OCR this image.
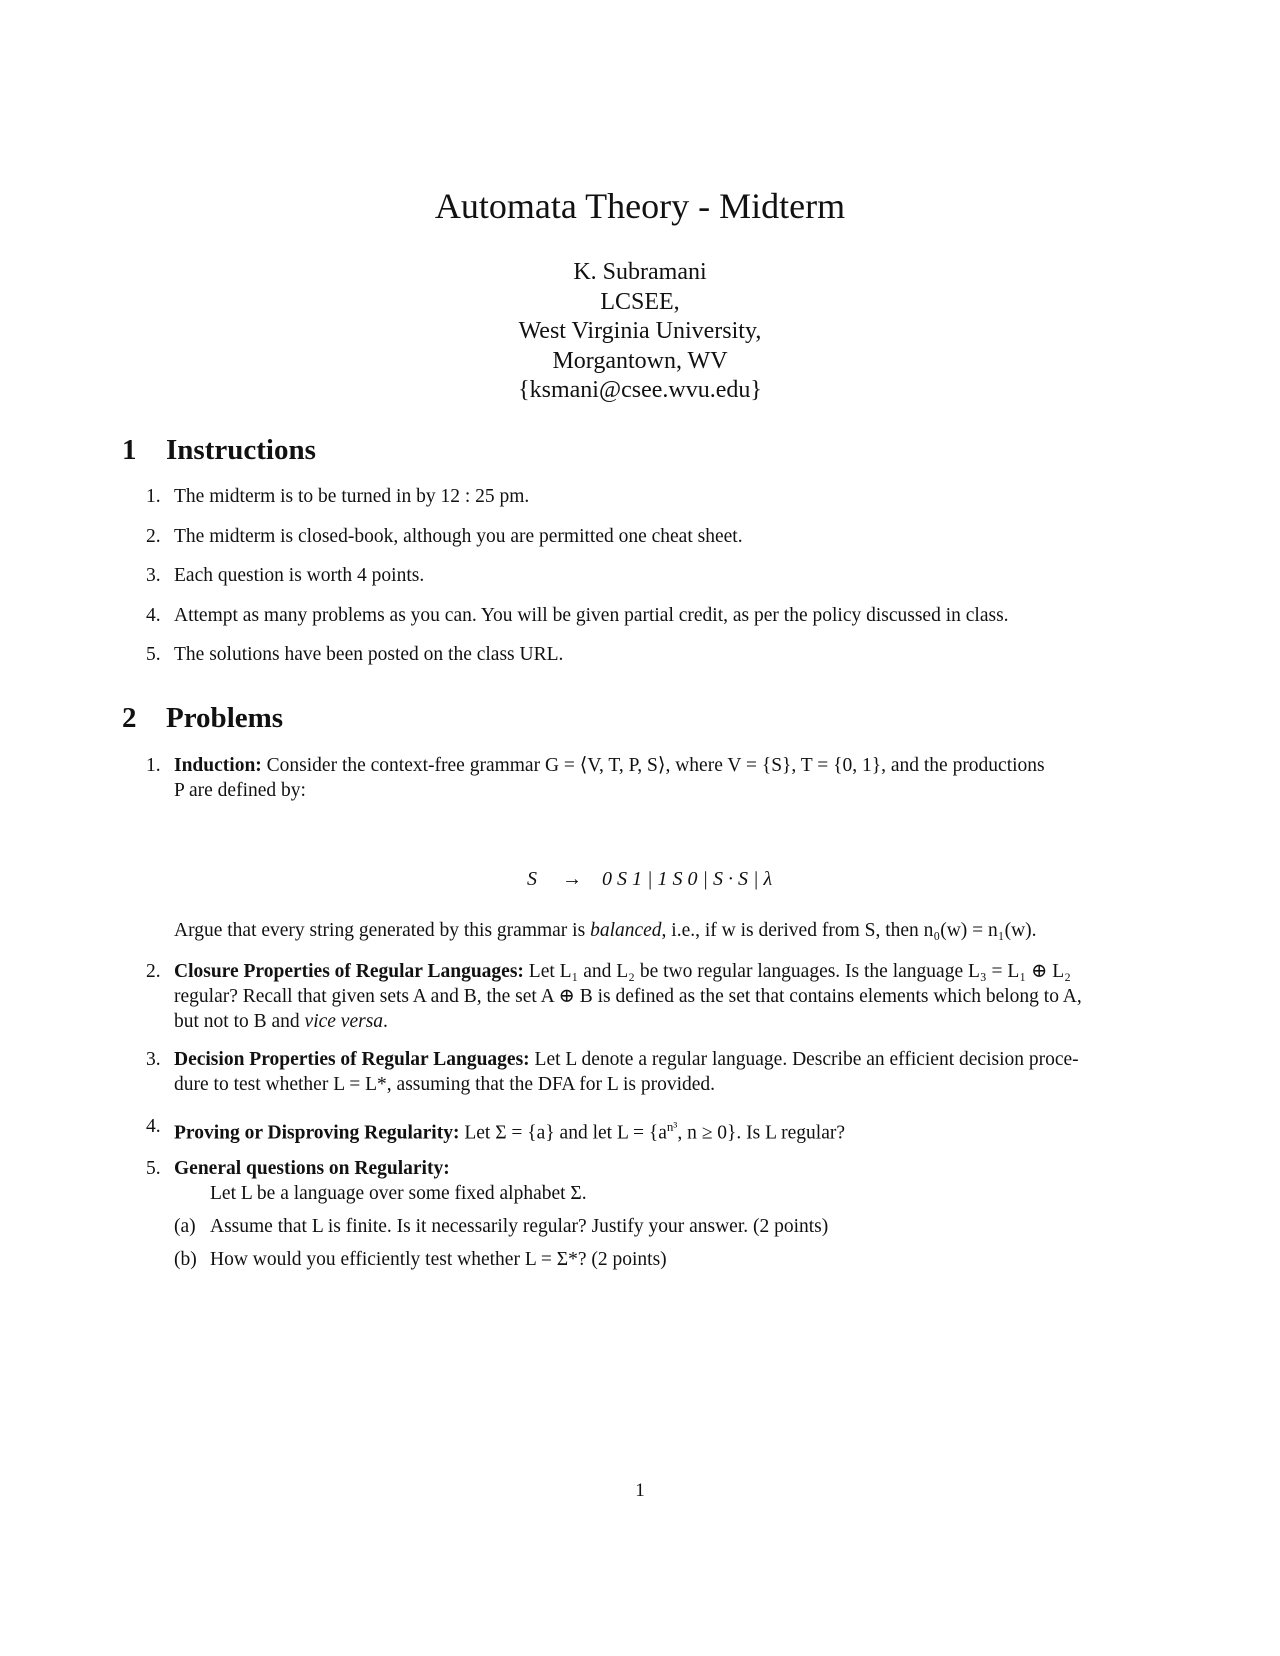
Automata Theory - Midterm
K. Subramani
LCSEE,
West Virginia University,
Morgantown, WV
{ksmani@csee.wvu.edu}
1 Instructions
1. The midterm is to be turned in by 12 : 25 pm.
2. The midterm is closed-book, although you are permitted one cheat sheet.
3. Each question is worth 4 points.
4. Attempt as many problems as you can. You will be given partial credit, as per the policy discussed in class.
5. The solutions have been posted on the class URL.
2 Problems
1. Induction: Consider the context-free grammar G = ⟨V, T, P, S⟩, where V = {S}, T = {0, 1}, and the productions
P are defined by:
S → 0 S 1 | 1 S 0 | S · S | λ
Argue that every string generated by this grammar is balanced, i.e., if w is derived from S, then n₀(w) = n₁(w).
2. Closure Properties of Regular Languages: Let L₁ and L₂ be two regular languages. Is the language L₃ = L₁ ⊕ L₂
regular? Recall that given sets A and B, the set A ⊕ B is defined as the set that contains elements which belong to A,
but not to B and vice versa.
3. Decision Properties of Regular Languages: Let L denote a regular language. Describe an efficient decision proce-
dure to test whether L = L*, assuming that the DFA for L is provided.
4. Proving or Disproving Regularity: Let Σ = {a} and let $L = \{a^{n^3}$, n ≥ 0}. Is L regular?
5. General questions on Regularity:
Let L be a language over some fixed alphabet Σ.
(a) Assume that L is finite. Is it necessarily regular? Justify your answer. (2 points)
(b) How would you efficiently test whether L = Σ*? (2 points)
1
